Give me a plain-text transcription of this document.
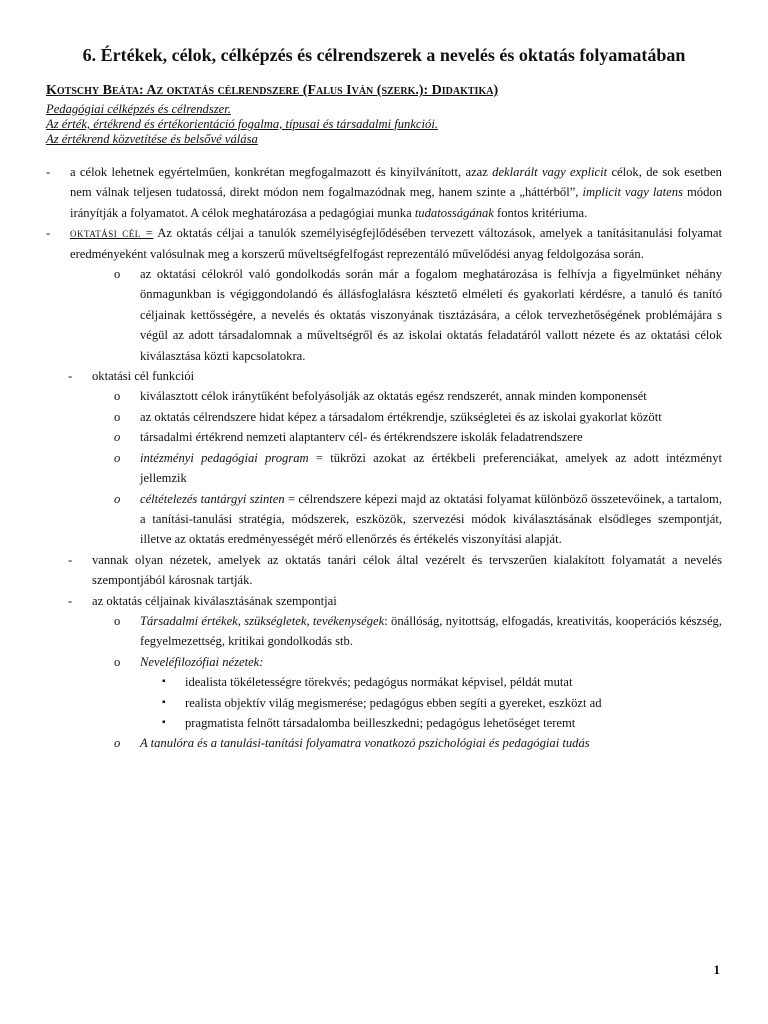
6. Értékek, célok, célképzés és célrendszerek a nevelés és oktatás folyamatában
Kotschy Beáta: Az oktatás célrendszere (Falus Iván (szerk.): Didaktika)
Pedagógiai célképzés és célrendszer.
Az érték, értékrend és értékorientáció fogalma, típusai és társadalmi funkciói.
Az értékrend közvetítése és belsővé válása
- a célok lehetnek egyértelműen, konkrétan megfogalmazott és kinyilvánított, azaz deklarált vagy explicit célok, de sok esetben nem válnak teljesen tudatossá, direkt módon nem fogalmazódnak meg, hanem szinte a „háttérből”, implicit vagy latens módon irányítják a folyamatot. A célok meghatározása a pedagógiai munka tudatosságának fontos kritériuma.
- oktatási cél = Az oktatás céljai a tanulók személyiségfejlődésében tervezett változások, amelyek a tanításitanulási folyamat eredményeként valósulnak meg a korszerű műveltségfelfogást reprezentáló művelődési anyag feldolgozása során.
o az oktatási célokról való gondolkodás során már a fogalom meghatározása is felhívja a figyelmünket néhány önmagunkban is végiggondolandó és állásfoglalásra késztető elméleti és gyakorlati kérdésre, a tanuló és tanító céljainak kettősségére, a nevelés és oktatás viszonyának tisztázására, a célok tervezhetőségének problémájára s végül az adott társadalomnak a műveltségről és az iskolai oktatás feladatáról vallott nézete és az oktatási célok kiválasztása közti kapcsolatokra.
- oktatási cél funkciói
o kiválasztott célok iránytűként befolyásolják az oktatás egész rendszerét, annak minden komponensét
o az oktatás célrendszere hidat képez a társadalom értékrendje, szükségletei és az iskolai gyakorlat között
o társadalmi értékrend nemzeti alaptanterv cél- és értékrendszere iskolák feladatrendszere
o intézményi pedagógiai program = tükrözi azokat az értékbeli preferenciákat, amelyek az adott intézményt jellemzik
o céltételezés tantárgyi szinten = célrendszere képezi majd az oktatási folyamat különböző összetevőinek, a tartalom, a tanítási-tanulási stratégia, módszerek, eszközök, szervezési módok kiválasztásának elsődleges szempontját, illetve az oktatás eredményességét mérő ellenőrzés és értékelés viszonyítási alapját.
- vannak olyan nézetek, amelyek az oktatás tanári célok által vezérelt és tervszerűen kialakított folyamatát a nevelés szempontjából károsnak tartják.
- az oktatás céljainak kiválasztásának szempontjai
o Társadalmi értékek, szükségletek, tevékenységek: önállóság, nyitottság, elfogadás, kreativitás, kooperációs készség, fegyelmezettség, kritikai gondolkodás stb.
o Neveléfilozófiai nézetek:
▪ idealista tökéletességre törekvés; pedagógus normákat képvisel, példát mutat
▪ realista objektív világ megismerése; pedagógus ebben segíti a gyereket, eszközt ad
▪ pragmatista felnőtt társadalomba beilleszkedni; pedagógus lehetőséget teremt
o A tanulóra és a tanulási-tanítási folyamatra vonatkozó pszichológiai és pedagógiai tudás
1
